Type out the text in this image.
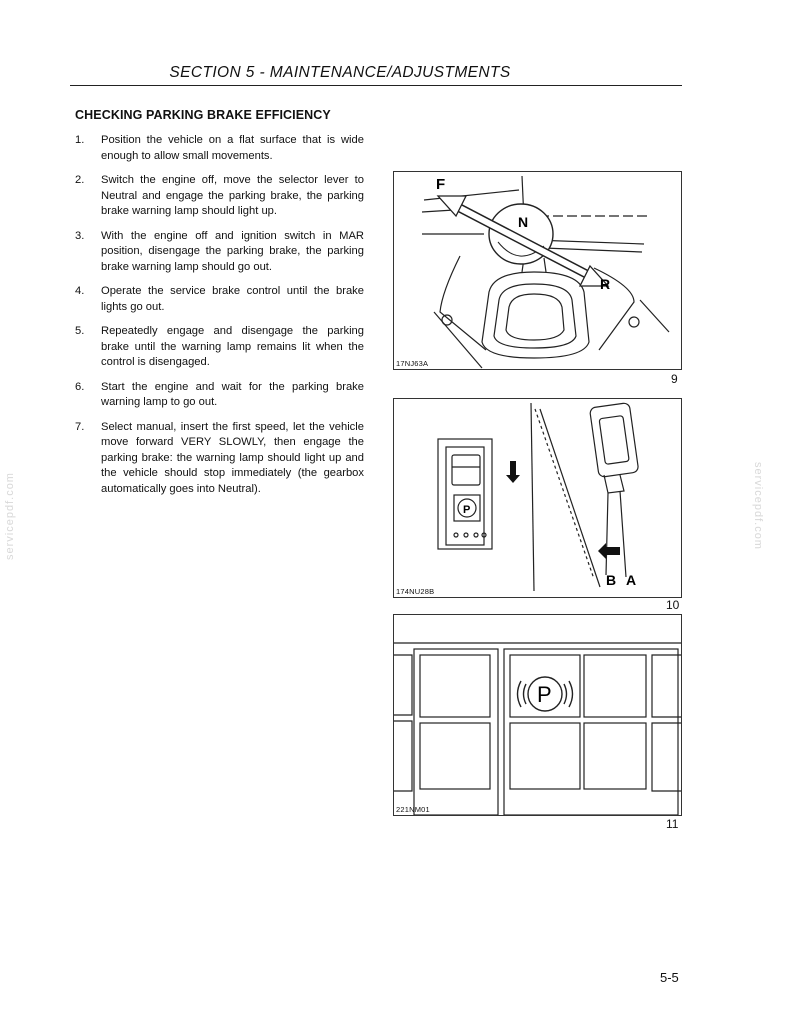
SECTION 5 - MAINTENANCE/ADJUSTMENTS
CHECKING PARKING BRAKE EFFICIENCY
1. Position the vehicle on a flat surface that is wide enough to allow small movements.
2. Switch the engine off, move the selector lever to Neutral and engage the parking brake, the parking brake warning lamp should light up.
3. With the engine off and ignition switch in MAR position, disengage the parking brake, the parking brake warning lamp should go out.
4. Operate the service brake control until the brake lights go out.
5. Repeatedly engage and disengage the parking brake until the warning lamp remains lit when the control is disengaged.
6. Start the engine and wait for the parking brake warning lamp to go out.
7. Select manual, insert the first speed, let the vehicle move forward VERY SLOWLY, then engage the parking brake: the warning lamp should light up and the vehicle should stop immediately (the gearbox automatically goes into Neutral).
F
N
R
17NJ63A
9
P
B A
174NU28B
10
P
221NM01
11
servicepdf.com	servicepdf.com
5-5
